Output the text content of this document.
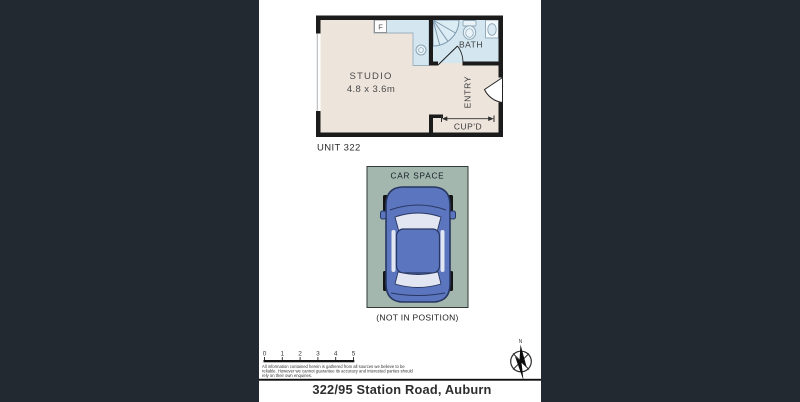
F
STUDIO
4.8 x 3.6m
BATH
ENTRY
CUP'D
UNIT 322
CAR SPACE
(NOT IN POSITION)
0 1 2 3 4 5
All information contained herein is gathered from all sources we believe to be
reliable. However we cannot guarantee its accuracy and interested parties should
rely on their own enquiries.
N
322/95 Station Road, Auburn
